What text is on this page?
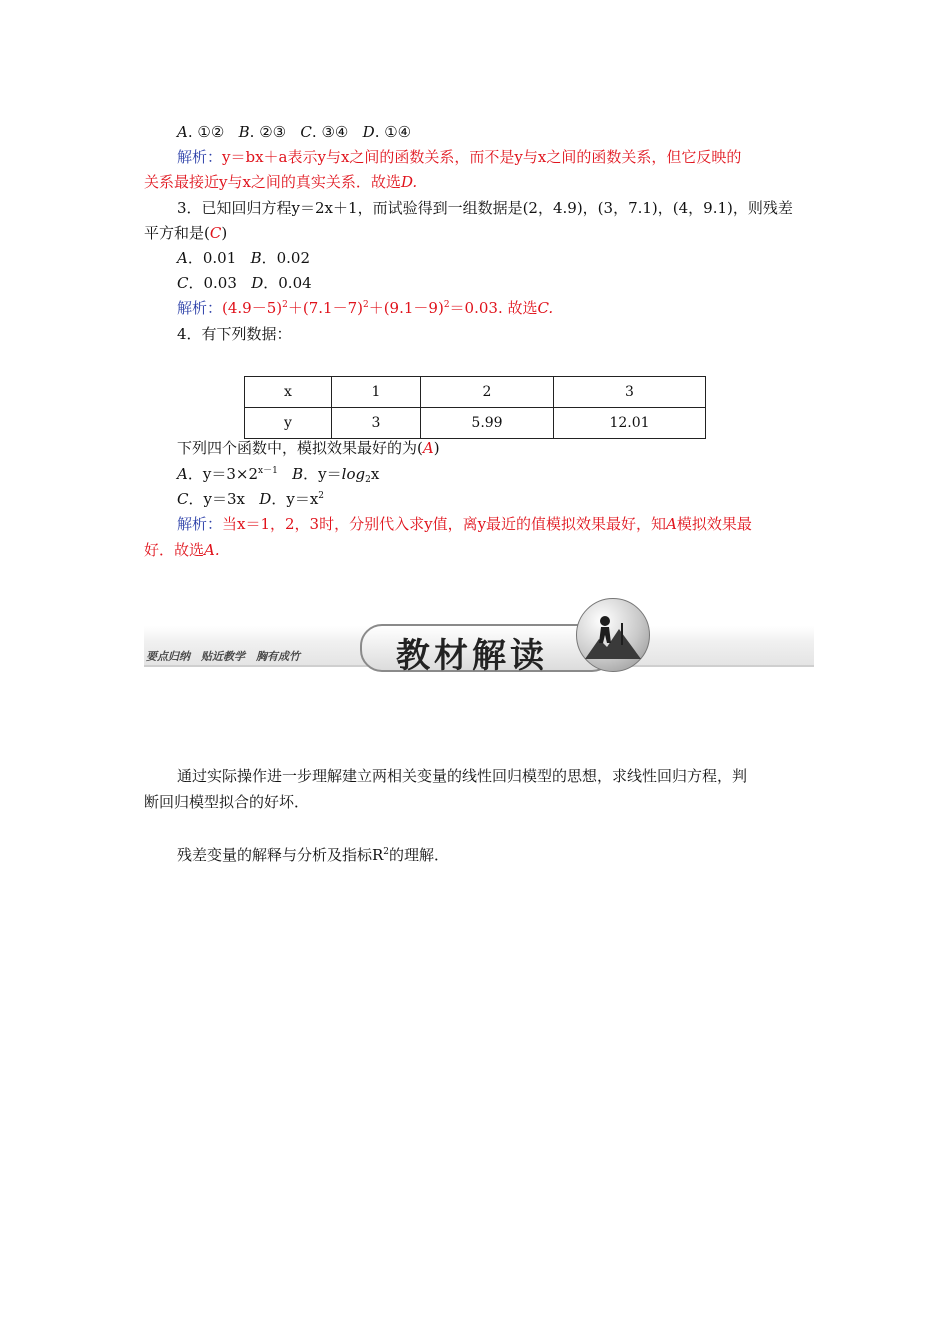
A. ①② B. ②③ C. ③④ D. ①④
解析：y＝bx＋a表示y与x之间的函数关系，而不是y与x之间的函数关系，但它反映的
关系最接近y与x之间的真实关系．故选D.
3．已知回归方程y＝2x＋1，而试验得到一组数据是(2，4.9)，(3，7.1)，(4，9.1)，则残差
平方和是(C)
A．0.01 B．0.02
C．0.03 D．0.04
解析：$(4.9-5)^2+(7.1-7)^2+(9.1-9)^2=0.03$. 故选C.
4．有下列数据：
x	1	2	3
y	3	5.99	12.01
下列四个函数中，模拟效果最好的为(A)
A．$y=3\times 2^{x-1}$ B．$y=\log_2x$
C．y＝3x D．$y=x^2$
解析：当x＝1，2，3时，分别代入求y值，离y最近的值模拟效果最好，知A模拟效果最
好．故选A.
要点归纳　贴近教学　胸有成竹	教材解读
通过实际操作进一步理解建立两相关变量的线性回归模型的思想，求线性回归方程，判
断回归模型拟合的好坏．
残差变量的解释与分析及指标$R^2$的理解．
